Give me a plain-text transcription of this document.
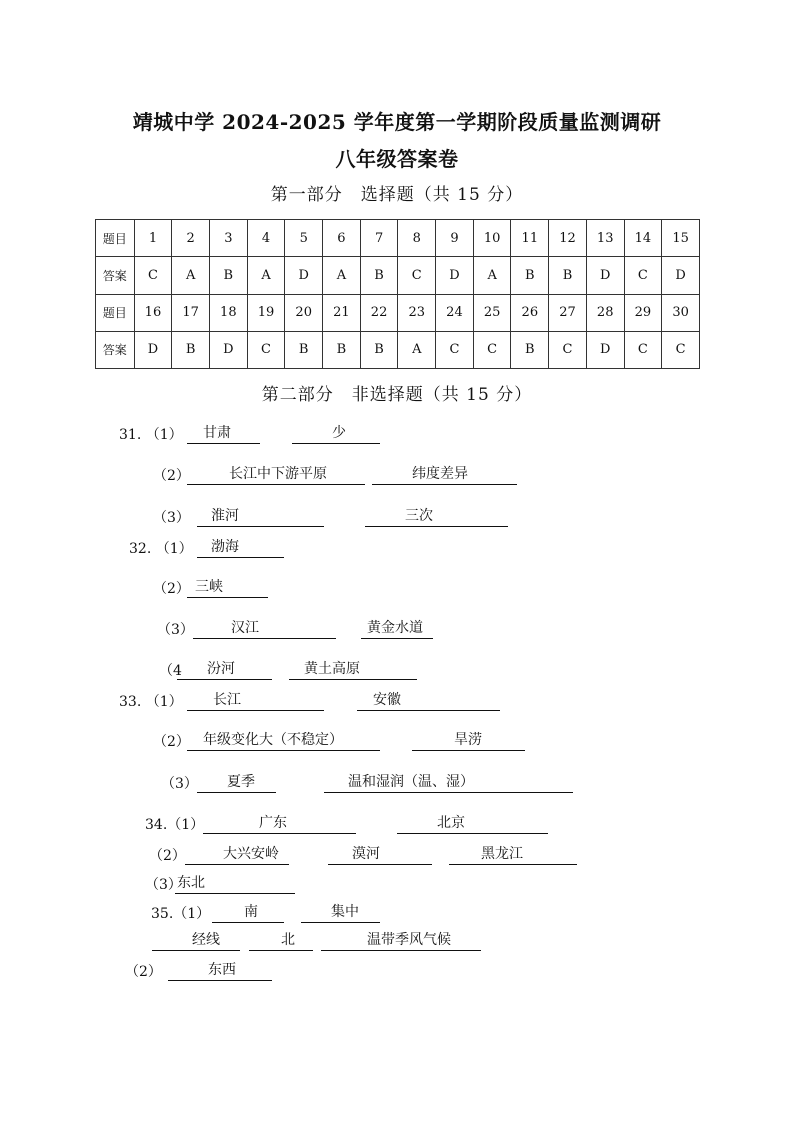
靖城中学 2024-2025 学年度第一学期阶段质量监测调研
八年级答案卷
第一部分　选择题（共 15 分）
题目	1	2	3	4	5	6	7	8	9	10	11	12	13	14	15
答案	C	A	B	A	D	A	B	C	D	A	B	B	D	C	D
题目	16	17	18	19	20	21	22	23	24	25	26	27	28	29	30
答案	D	B	D	C	B	B	B	A	C	C	B	C	D	C	C
第二部分　非选择题（共 15 分）
31. （1）	甘肃	少
（2）	长江中下游平原	纬度差异
（3）	淮河	三次
32. （1）	渤海
（2） 三峡
（3）	汉江	黄金水道
（4	汾河	黄土高原
33. （1）	长江	安徽
（2） 年级变化大（不稳定）	旱涝
（3）	夏季	温和湿润（温、湿）
34.（1）	广东	北京
（2）	大兴安岭	漠河	黑龙江
（3）
东北
35.（1）	南	集中
经线	北	温带季风气候
（2）	东西
